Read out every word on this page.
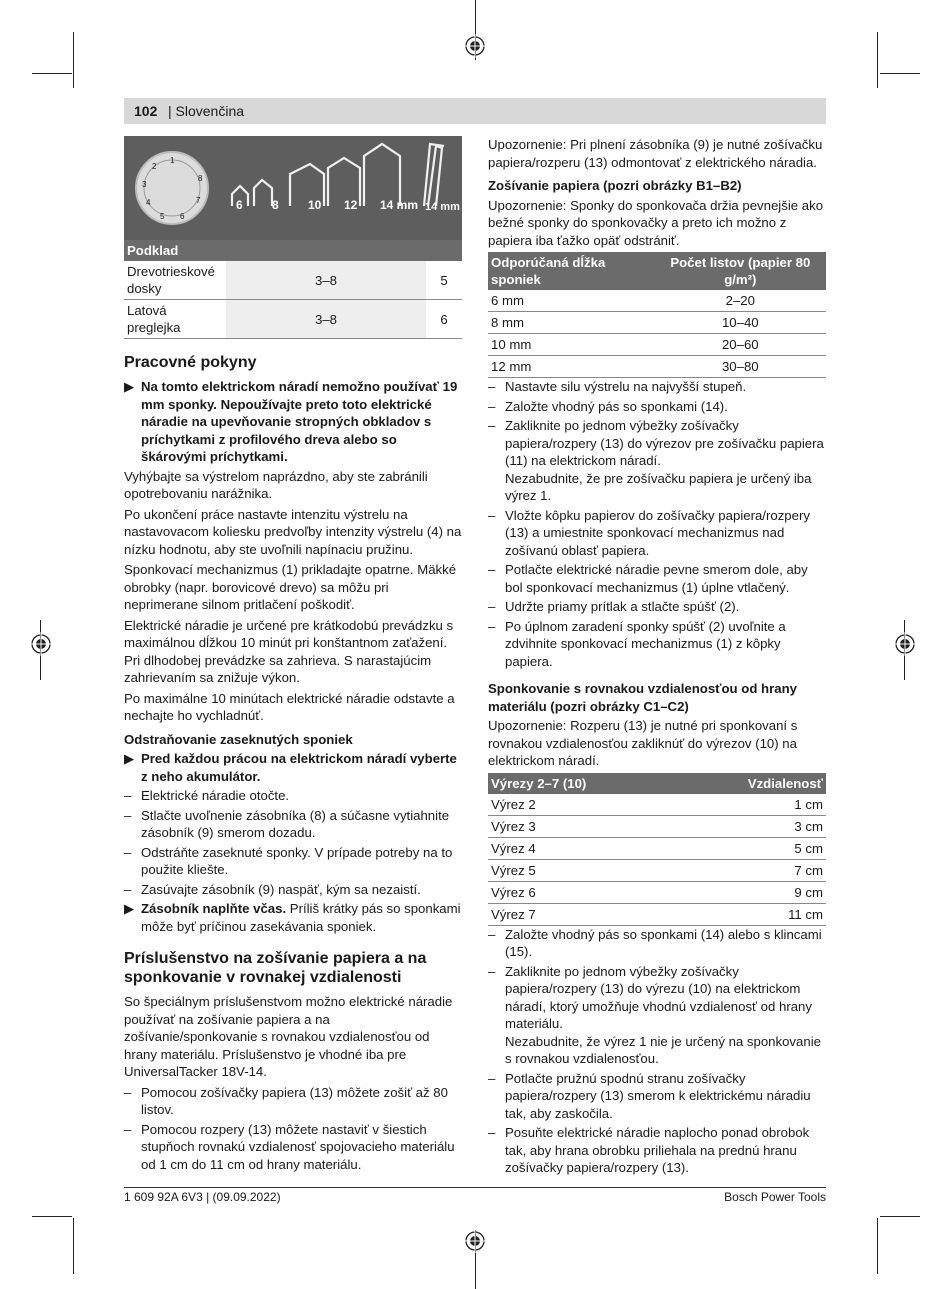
102 | Slovenčina
6 8 10 12 14 mm 14 mm
1
2
3
4
5 6
7
8
Podklad		
Drevotrieskové dosky	3–8	5
Latová preglejka	3–8	6
Pracovné pokyny
▶ Na tomto elektrickom náradí nemožno používať 19 mm sponky. Nepoužívajte preto toto elektrické náradie na upevňovanie stropných obkladov s príchytkami z profilového dreva alebo so škárovými príchytkami.

Vyhýbajte sa výstrelom naprázdno, aby ste zabránili opotrebovaniu narážnika.

Po ukončení práce nastavte intenzitu výstrelu na nastavovacom koliesku predvoľby intenzity výstrelu (4) na nízku hodnotu, aby ste uvoľnili napínaciu pružinu.

Sponkovací mechanizmus (1) prikladajte opatrne. Mäkké obrobky (napr. borovicové drevo) sa môžu pri neprimerane silnom pritlačení poškodiť.

Elektrické náradie je určené pre krátkodobú prevádzku s maximálnou dĺžkou 10 minút pri konštantnom zaťažení. Pri dlhodobej prevádzke sa zahrieva. S narastajúcim zahrievaním sa znižuje výkon.

Po maximálne 10 minútach elektrické náradie odstavte a nechajte ho vychladnúť.

Odstraňovanie zaseknutých sponiek
▶ Pred každou prácou na elektrickom náradí vyberte z neho akumulátor.
– Elektrické náradie otočte.
– Stlačte uvoľnenie zásobníka (8) a súčasne vytiahnite zásobník (9) smerom dozadu.
– Odstráňte zaseknuté sponky. V prípade potreby na to použite kliešte.
– Zasúvajte zásobník (9) naspäť, kým sa nezaistí.
▶ Zásobník naplňte včas. Príliš krátky pás so sponkami môže byť príčinou zasekávania sponiek.
Príslušenstvo na zošívanie papiera a na sponkovanie v rovnakej vzdialenosti

So špeciálnym príslušenstvom možno elektrické náradie používať na zošívanie papiera a na zošívanie/sponkovanie s rovnakou vzdialenosťou od hrany materiálu. Príslušenstvo je vhodné iba pre UniversalTacker 18V-14.

– Pomocou zošívačky papiera (13) môžete zošiť až 80 listov.
– Pomocou rozpery (13) môžete nastaviť v šiestich stupňoch rovnakú vzdialenosť spojovacieho materiálu od 1 cm do 11 cm od hrany materiálu.

Upozornenie: Pri plnení zásobníka (9) je nutné zošívačku papiera/rozperu (13) odmontovať z elektrického náradia.

Zošívanie papiera (pozri obrázky B1–B2)

Upozornenie: Sponky do sponkovača držia pevnejšie ako bežné sponky do sponkovačky a preto ich možno z papiera iba ťažko opäť odstrániť.

Odporúčaná dĺžka sponiek	Počet listov (papier 80 g/m²)
6 mm	2–20
8 mm	10–40
10 mm	20–60
12 mm	30–80
– Nastavte silu výstrelu na najvyšší stupeň.
– Založte vhodný pás so sponkami (14).
– Zakliknite po jednom výbežky zošívačky papiera/rozpery (13) do výrezov pre zošívačku papiera (11) na elektrickom náradí.
Nezabudnite, že pre zošívačku papiera je určený iba výrez 1.
– Vložte kôpku papierov do zošívačky papiera/rozpery (13) a umiestnite sponkovací mechanizmus nad zošívanú oblasť papiera.
– Potlačte elektrické náradie pevne smerom dole, aby bol sponkovací mechanizmus (1) úplne vtlačený.
– Udržte priamy prítlak a stlačte spúšť (2).
– Po úplnom zaradení sponky spúšť (2) uvoľnite a zdvihnite sponkovací mechanizmus (1) z kôpky papiera.
Sponkovanie s rovnakou vzdialenosťou od hrany materiálu (pozri obrázky C1–C2)

Upozornenie: Rozperu (13) je nutné pri sponkovaní s rovnakou vzdialenosťou zakliknúť do výrezov (10) na elektrickom náradí.

Výrezy 2–7 (10)	Vzdialenosť
Výrez 2	1 cm
Výrez 3	3 cm
Výrez 4	5 cm
Výrez 5	7 cm
Výrez 6	9 cm
Výrez 7	11 cm
– Založte vhodný pás so sponkami (14) alebo s klincami (15).
– Zakliknite po jednom výbežky zošívačky papiera/rozpery (13) do výrezu (10) na elektrickom náradí, ktorý umožňuje vhodnú vzdialenosť od hrany materiálu.
Nezabudnite, že výrez 1 nie je určený na sponkovanie s rovnakou vzdialenosťou.
– Potlačte pružnú spodnú stranu zošívačky papiera/rozpery (13) smerom k elektrickému náradiu tak, aby zaskočila.
– Posuňte elektrické náradie naplocho ponad obrobok tak, aby hrana obrobku priliehala na prednú hranu zošívačky papiera/rozpery (13).
1 609 92A 6V3 | (09.09.2022)	Bosch Power Tools
